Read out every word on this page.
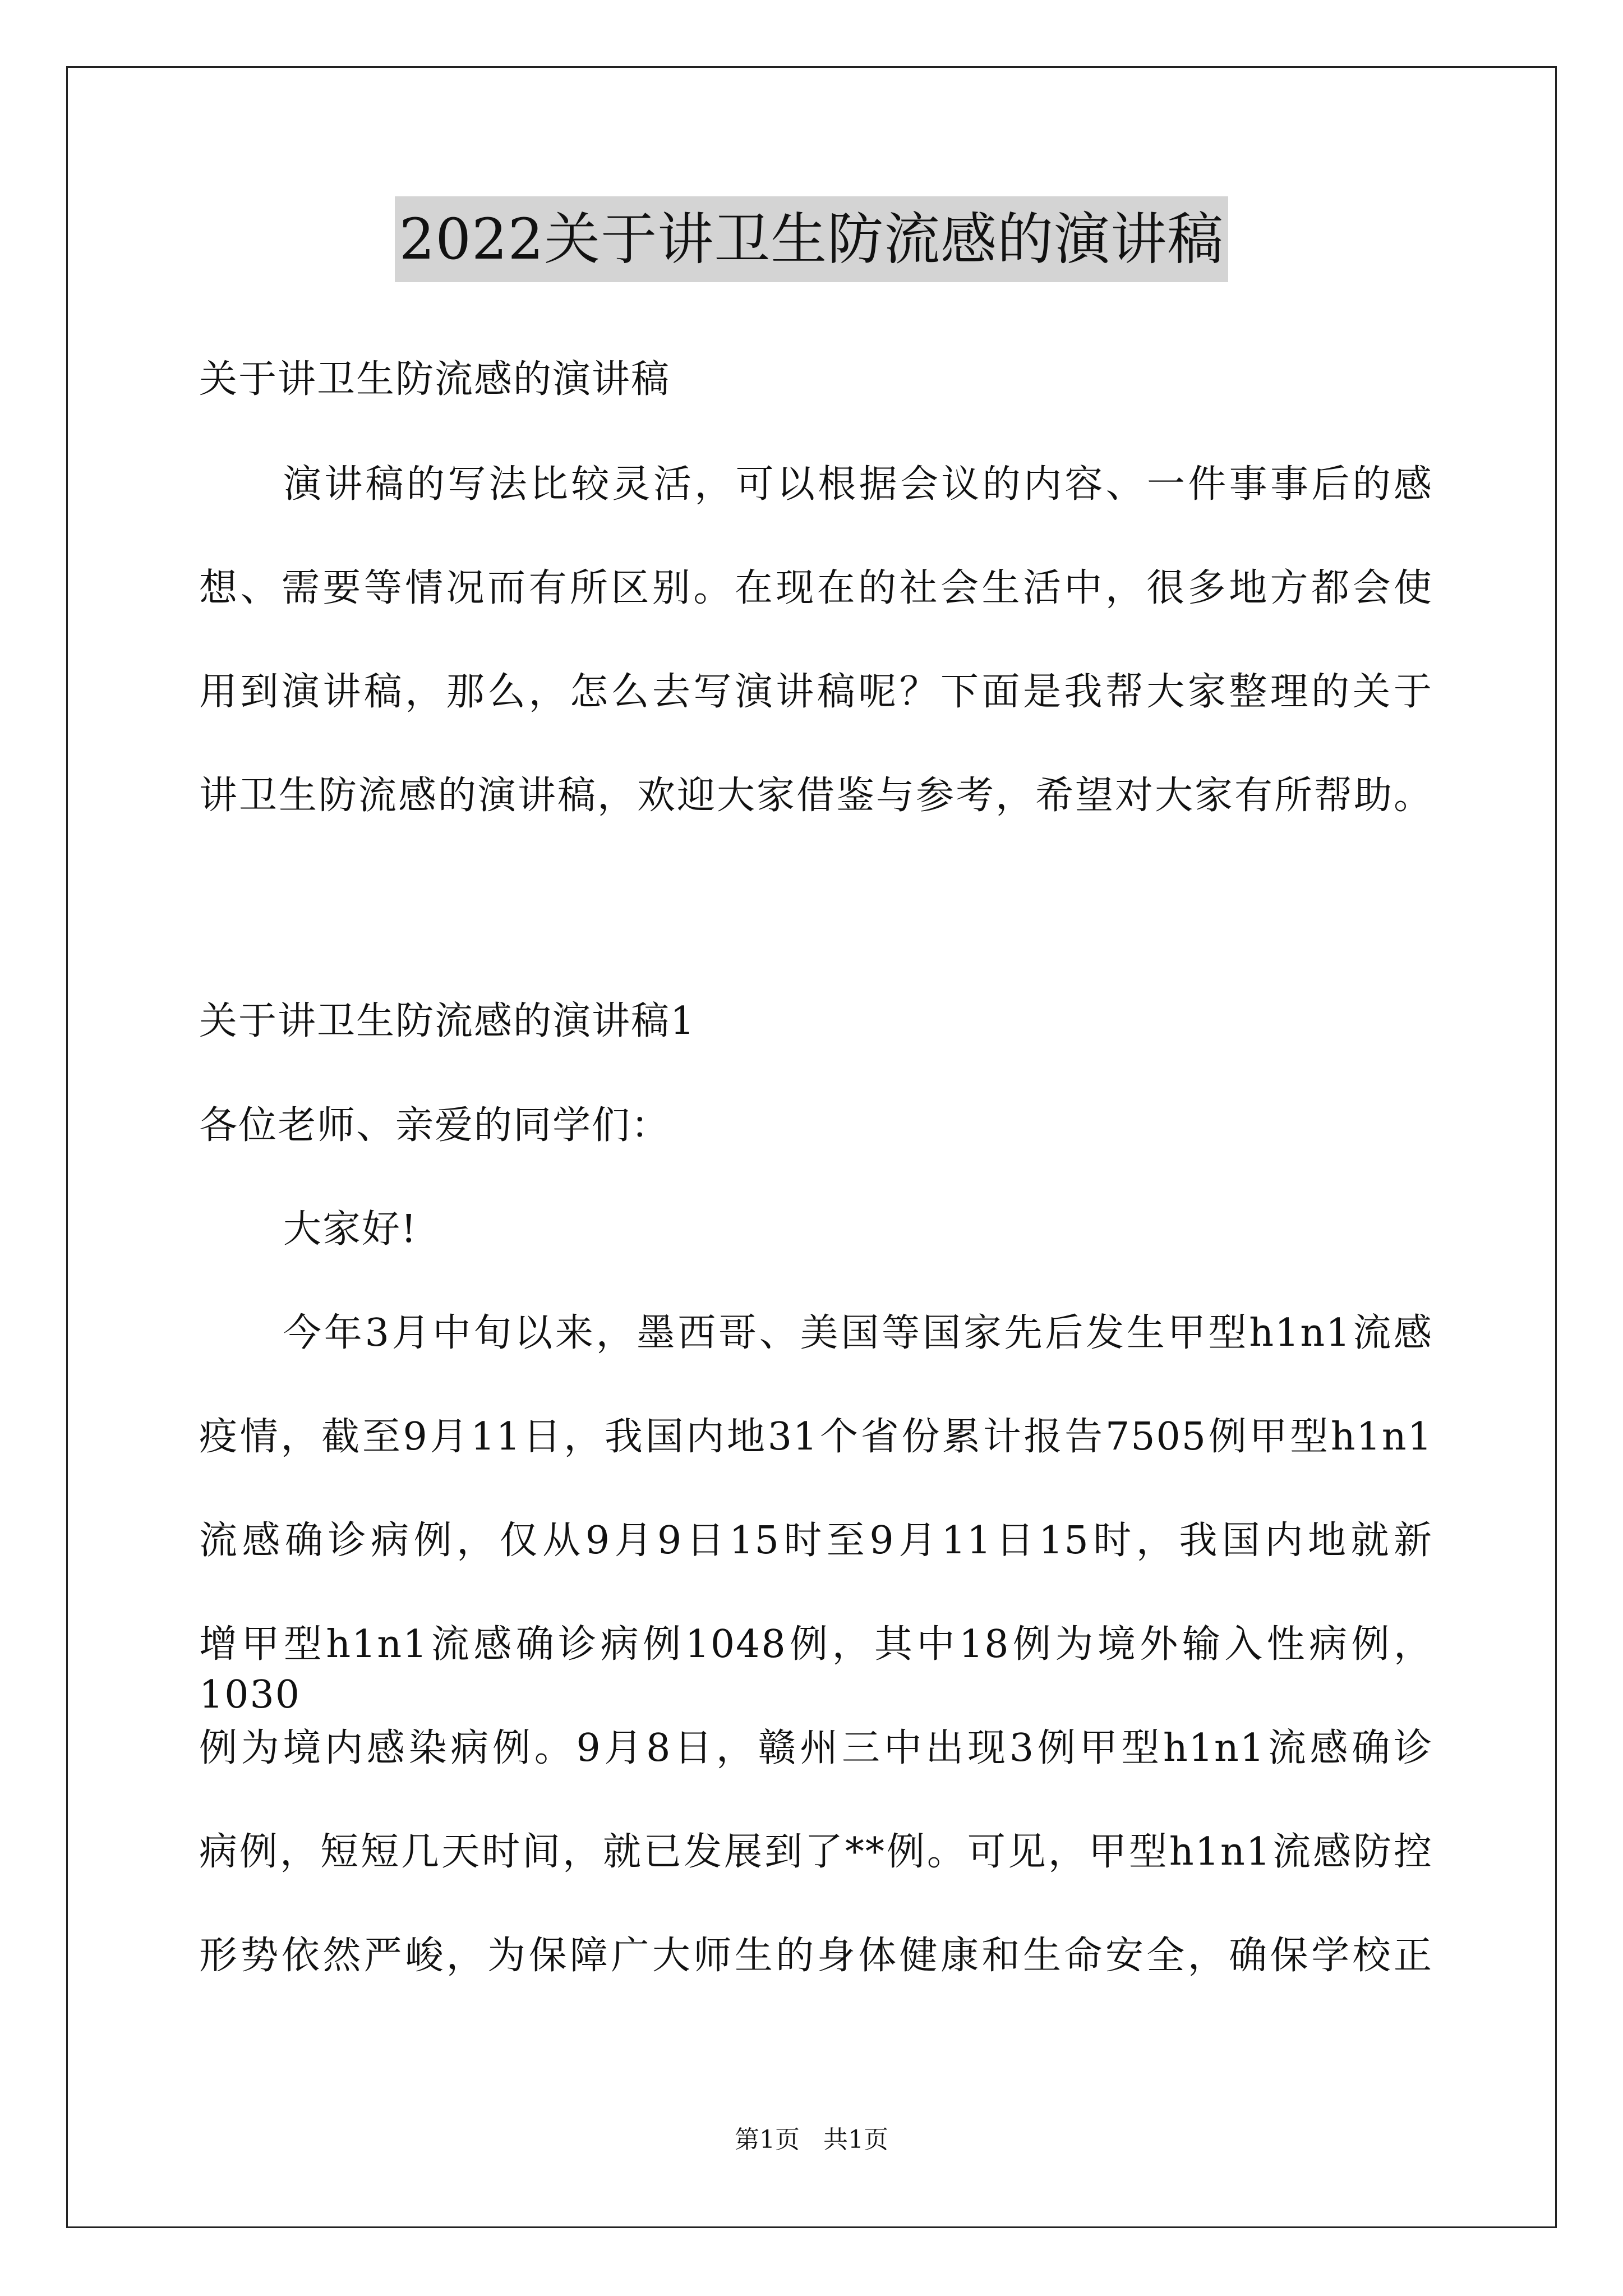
2022关于讲卫生防流感的演讲稿
关于讲卫生防流感的演讲稿
演讲稿的写法比较灵活，可以根据会议的内容、一件事事后的感
想、需要等情况而有所区别。在现在的社会生活中，很多地方都会使
用到演讲稿，那么，怎么去写演讲稿呢？下面是我帮大家整理的关于
讲卫生防流感的演讲稿，欢迎大家借鉴与参考，希望对大家有所帮助。
关于讲卫生防流感的演讲稿1
各位老师、亲爱的同学们：
大家好!
今年3月中旬以来，墨西哥、美国等国家先后发生甲型h1n1流感
疫情，截至9月11日，我国内地31个省份累计报告7505例甲型h1n1
流感确诊病例，仅从9月9日15时至9月11日15时，我国内地就新
增甲型h1n1流感确诊病例1048例，其中18例为境外输入性病例，1030
例为境内感染病例。9月8日，赣州三中出现3例甲型h1n1流感确诊
病例，短短几天时间，就已发展到了**例。可见，甲型h1n1流感防控
形势依然严峻，为保障广大师生的身体健康和生命安全，确保学校正
第1页   共1页
